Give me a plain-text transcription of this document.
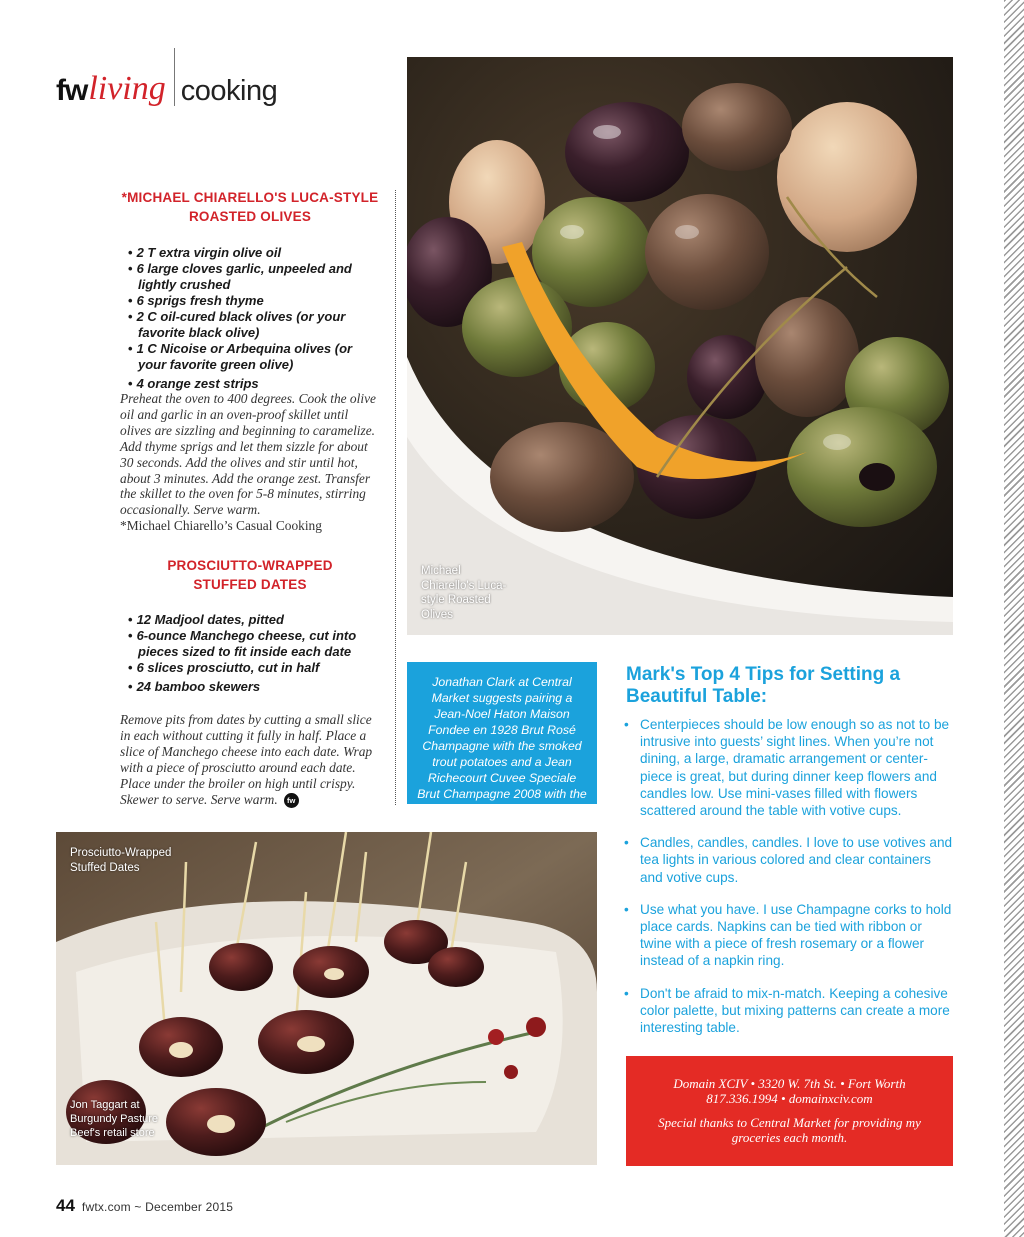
fw living cooking
*MICHAEL CHIARELLO'S LUCA-STYLE
ROASTED OLIVES
• 2 T extra virgin olive oil
• 6 large cloves garlic, unpeeled and lightly crushed
• 6 sprigs fresh thyme
• 2 C oil-cured black olives (or your favorite black olive)
• 1 C Nicoise or Arbequina olives (or your favorite green olive)
• 4 orange zest strips

Preheat the oven to 400 degrees. Cook the olive oil and garlic in an oven-proof skillet until olives are sizzling and beginning to caramelize. Add thyme sprigs and let them sizzle for about 30 seconds. Add the olives and stir until hot, about 3 minutes. Add the orange zest. Transfer the skillet to the oven for 5-8 minutes, stirring occasionally. Serve warm.

*Michael Chiarello’s Casual Cooking

PROSCIUTTO-WRAPPED
STUFFED DATES
• 12 Madjool dates, pitted
• 6-ounce Manchego cheese, cut into pieces sized to fit inside each date
• 6 slices prosciutto, cut in half
• 24 bamboo skewers

Remove pits from dates by cutting a small slice in each without cutting it fully in half. Place a slice of Manchego cheese into each date. Wrap with a piece of prosciutto around each date. Place under the broiler on high until crispy. Skewer to serve. Serve warm. fw

Michael Chiarello's Luca-style Roasted Olives

Jonathan Clark at Central Market suggests pairing a Jean-Noel Haton Maison Fondee en 1928 Brut Rosé Champagne with the smoked trout potatoes and a Jean Richecourt Cuvee Speciale Brut Champagne 2008 with the stuffed dates.

Mark's Top 4 Tips for Setting a Beautiful Table:
• Centerpieces should be low enough so as not to be intrusive into guests’ sight lines. When you’re not dining, a large, dramatic arrangement or center-piece is great, but during dinner keep flowers and candles low. Use mini-vases filled with flowers scattered around the table with votive cups.
• Candles, candles, candles. I love to use votives and tea lights in various colored and clear containers and votive cups.
• Use what you have. I use Champagne corks to hold place cards. Napkins can be tied with ribbon or twine with a piece of fresh rosemary or a flower instead of a napkin ring.
• Don't be afraid to mix-n-match. Keeping a cohesive color palette, but mixing patterns can create a more interesting table.
Prosciutto-Wrapped Stuffed Dates
Jon Taggart at Burgundy Pasture Beef's retail store
Domain XCIV • 3320 W. 7th St. • Fort Worth

817.336.1994 • domainxciv.com

Special thanks to Central Market for providing my groceries each month.

44 fwtx.com ~ December 2015
